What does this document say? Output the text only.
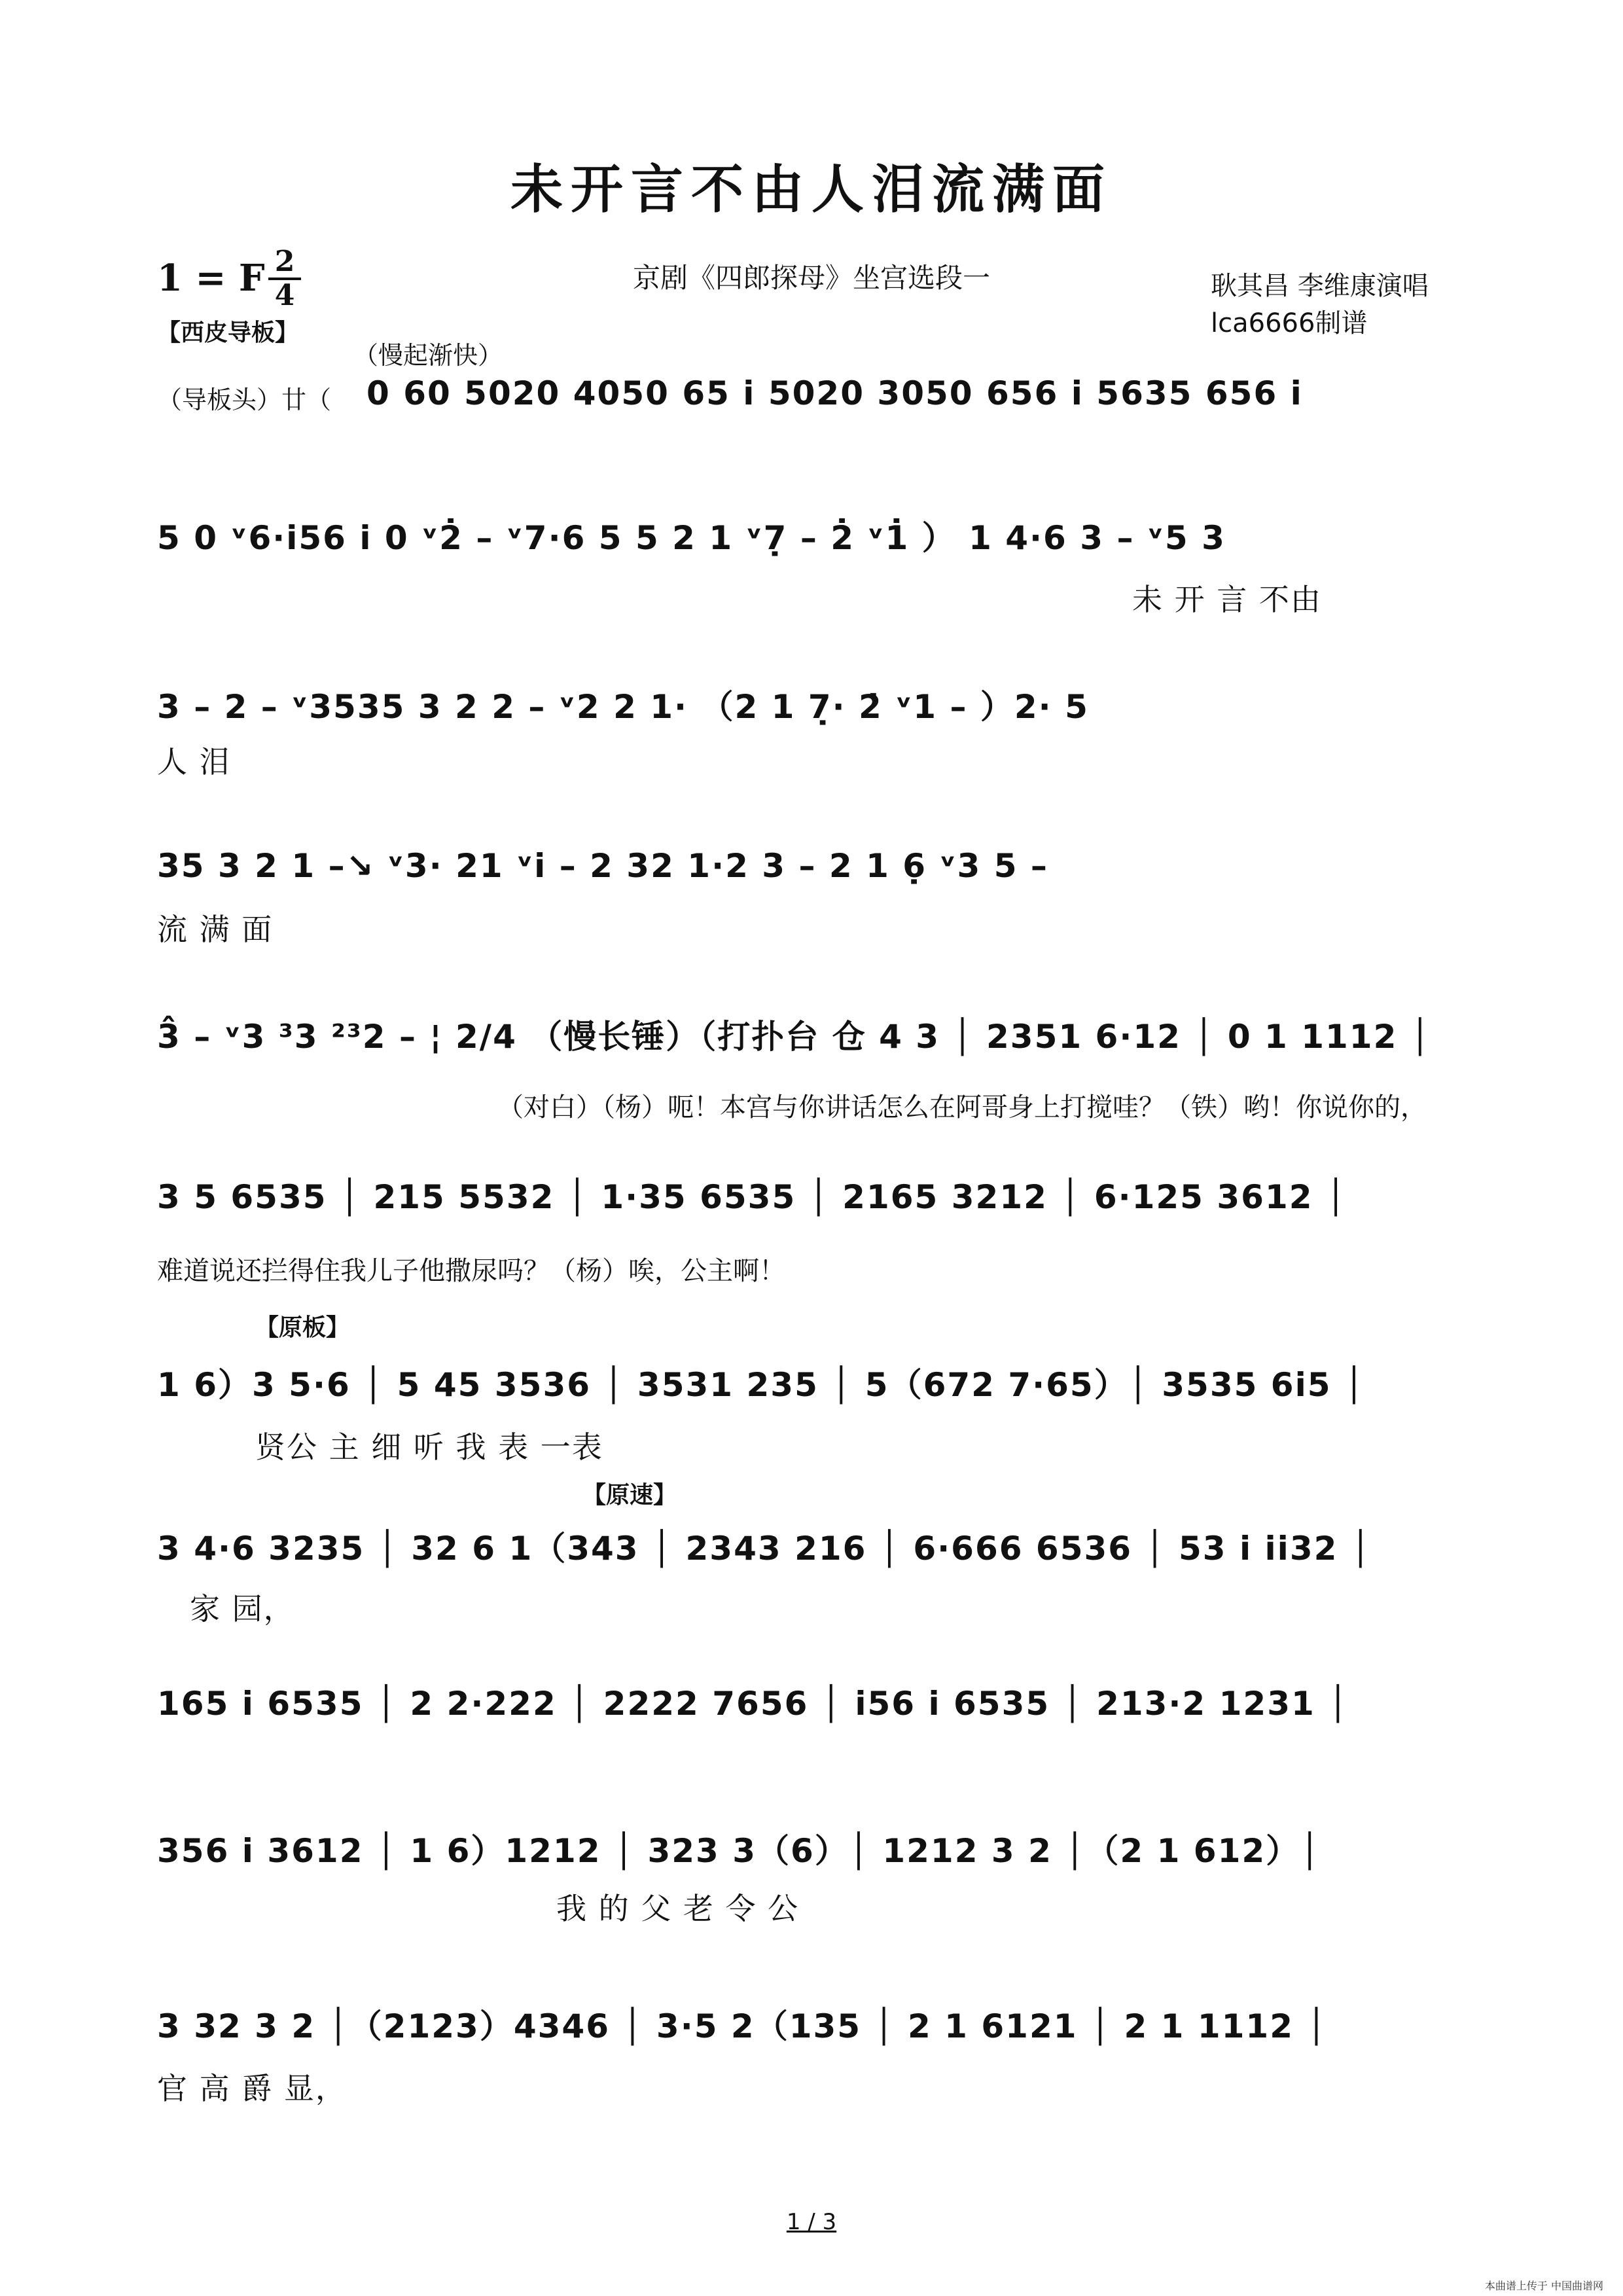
未开言不由人泪流满面
1 = F 2
4
京剧《四郎探母》坐宫选段一	耿其昌 李维康演唱
lca6666制谱
【西皮导板】
（慢起渐快）
（导板头）廿（ 0 60 5020 4050 65 i 5020 3050 656 i 5635 656 i
5 0 ᵛ6·i56 i 0 ᵛ2̇ – ᵛ7·6 5 5 2 1 ᵛ7̣ – 2̇ ᵛ1̇ ） 1 4·6 3 – ᵛ5 3
未 开 言 不由
3 – 2 – ᵛ3535 3 2 2 – ᵛ2 2 1· （2 1 7̣· 2̇ ᵛ1 – ）2· 5
人 泪
35 3 2 1 –↘ ᵛ3· 21 ᵛi – 2 32 1·2 3 – 2 1 6̣ ᵛ3 5 –
流 满 面
3̂ – ᵛ3 ³3 ²³2 – ¦ 2/4 （慢长锤）（打扑台 仓 4 3 │ 2351 6·12 │ 0 1 1112 │
（对白）（杨）呃！本宫与你讲话怎么在阿哥身上打搅哇？（铁）哟！你说你的，
3 5 6535 │ 215 5532 │ 1·35 6535 │ 2165 3212 │ 6·125 3612 │
难道说还拦得住我儿子他撒尿吗？（杨）唉，公主啊！
【原板】
1 6）3 5·6 │ 5 45 3536 │ 3531 235 │ 5（672 7·65）│ 3535 6i5 │
贤公 主 细 听 我 表 一表
【原速】
3 4·6 3235 │ 32 6 1（343 │ 2343 216 │ 6·666 6536 │ 53 i ii32 │
家 园，
165 i 6535 │ 2 2·222 │ 2222 7656 │ i56 i 6535 │ 213·2 1231 │
356 i 3612 │ 1 6）1212 │ 323 3（6）│ 1212 3 2 │（2 1 612）│
我 的 父 老 令 公
3 32 3 2 │（2123）4346 │ 3·5 2（135 │ 2 1 6121 │ 2 1 1112 │
官 高 爵 显，
1 / 3
本曲谱上传于 中国曲谱网
